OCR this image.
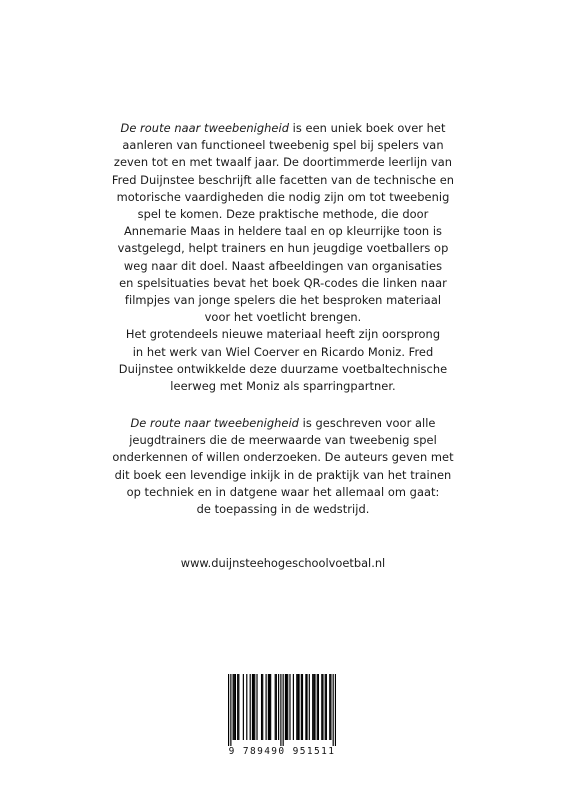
De route naar tweebenigheid is een uniek boek over het

aanleren van functioneel tweebenig spel bij spelers van

zeven tot en met twaalf jaar. De doortimmerde leerlijn van

Fred Duijnstee beschrijft alle facetten van de technische en

motorische vaardigheden die nodig zijn om tot tweebenig

spel te komen. Deze praktische methode, die door

Annemarie Maas in heldere taal en op kleurrijke toon is

vastgelegd, helpt trainers en hun jeugdige voetballers op

weg naar dit doel. Naast afbeeldingen van organisaties

en spelsituaties bevat het boek QR-codes die linken naar

filmpjes van jonge spelers die het besproken materiaal

voor het voetlicht brengen.

Het grotendeels nieuwe materiaal heeft zijn oorsprong

in het werk van Wiel Coerver en Ricardo Moniz. Fred

Duijnstee ontwikkelde deze duurzame voetbaltechnische

leerweg met Moniz als sparringpartner.

De route naar tweebenigheid is geschreven voor alle

jeugdtrainers die de meerwaarde van tweebenig spel

onderkennen of willen onderzoeken. De auteurs geven met

dit boek een levendige inkijk in de praktijk van het trainen

op techniek en in datgene waar het allemaal om gaat:

de toepassing in de wedstrijd.

www.duijnsteehogeschoolvoetbal.nl
9 789490 951511
